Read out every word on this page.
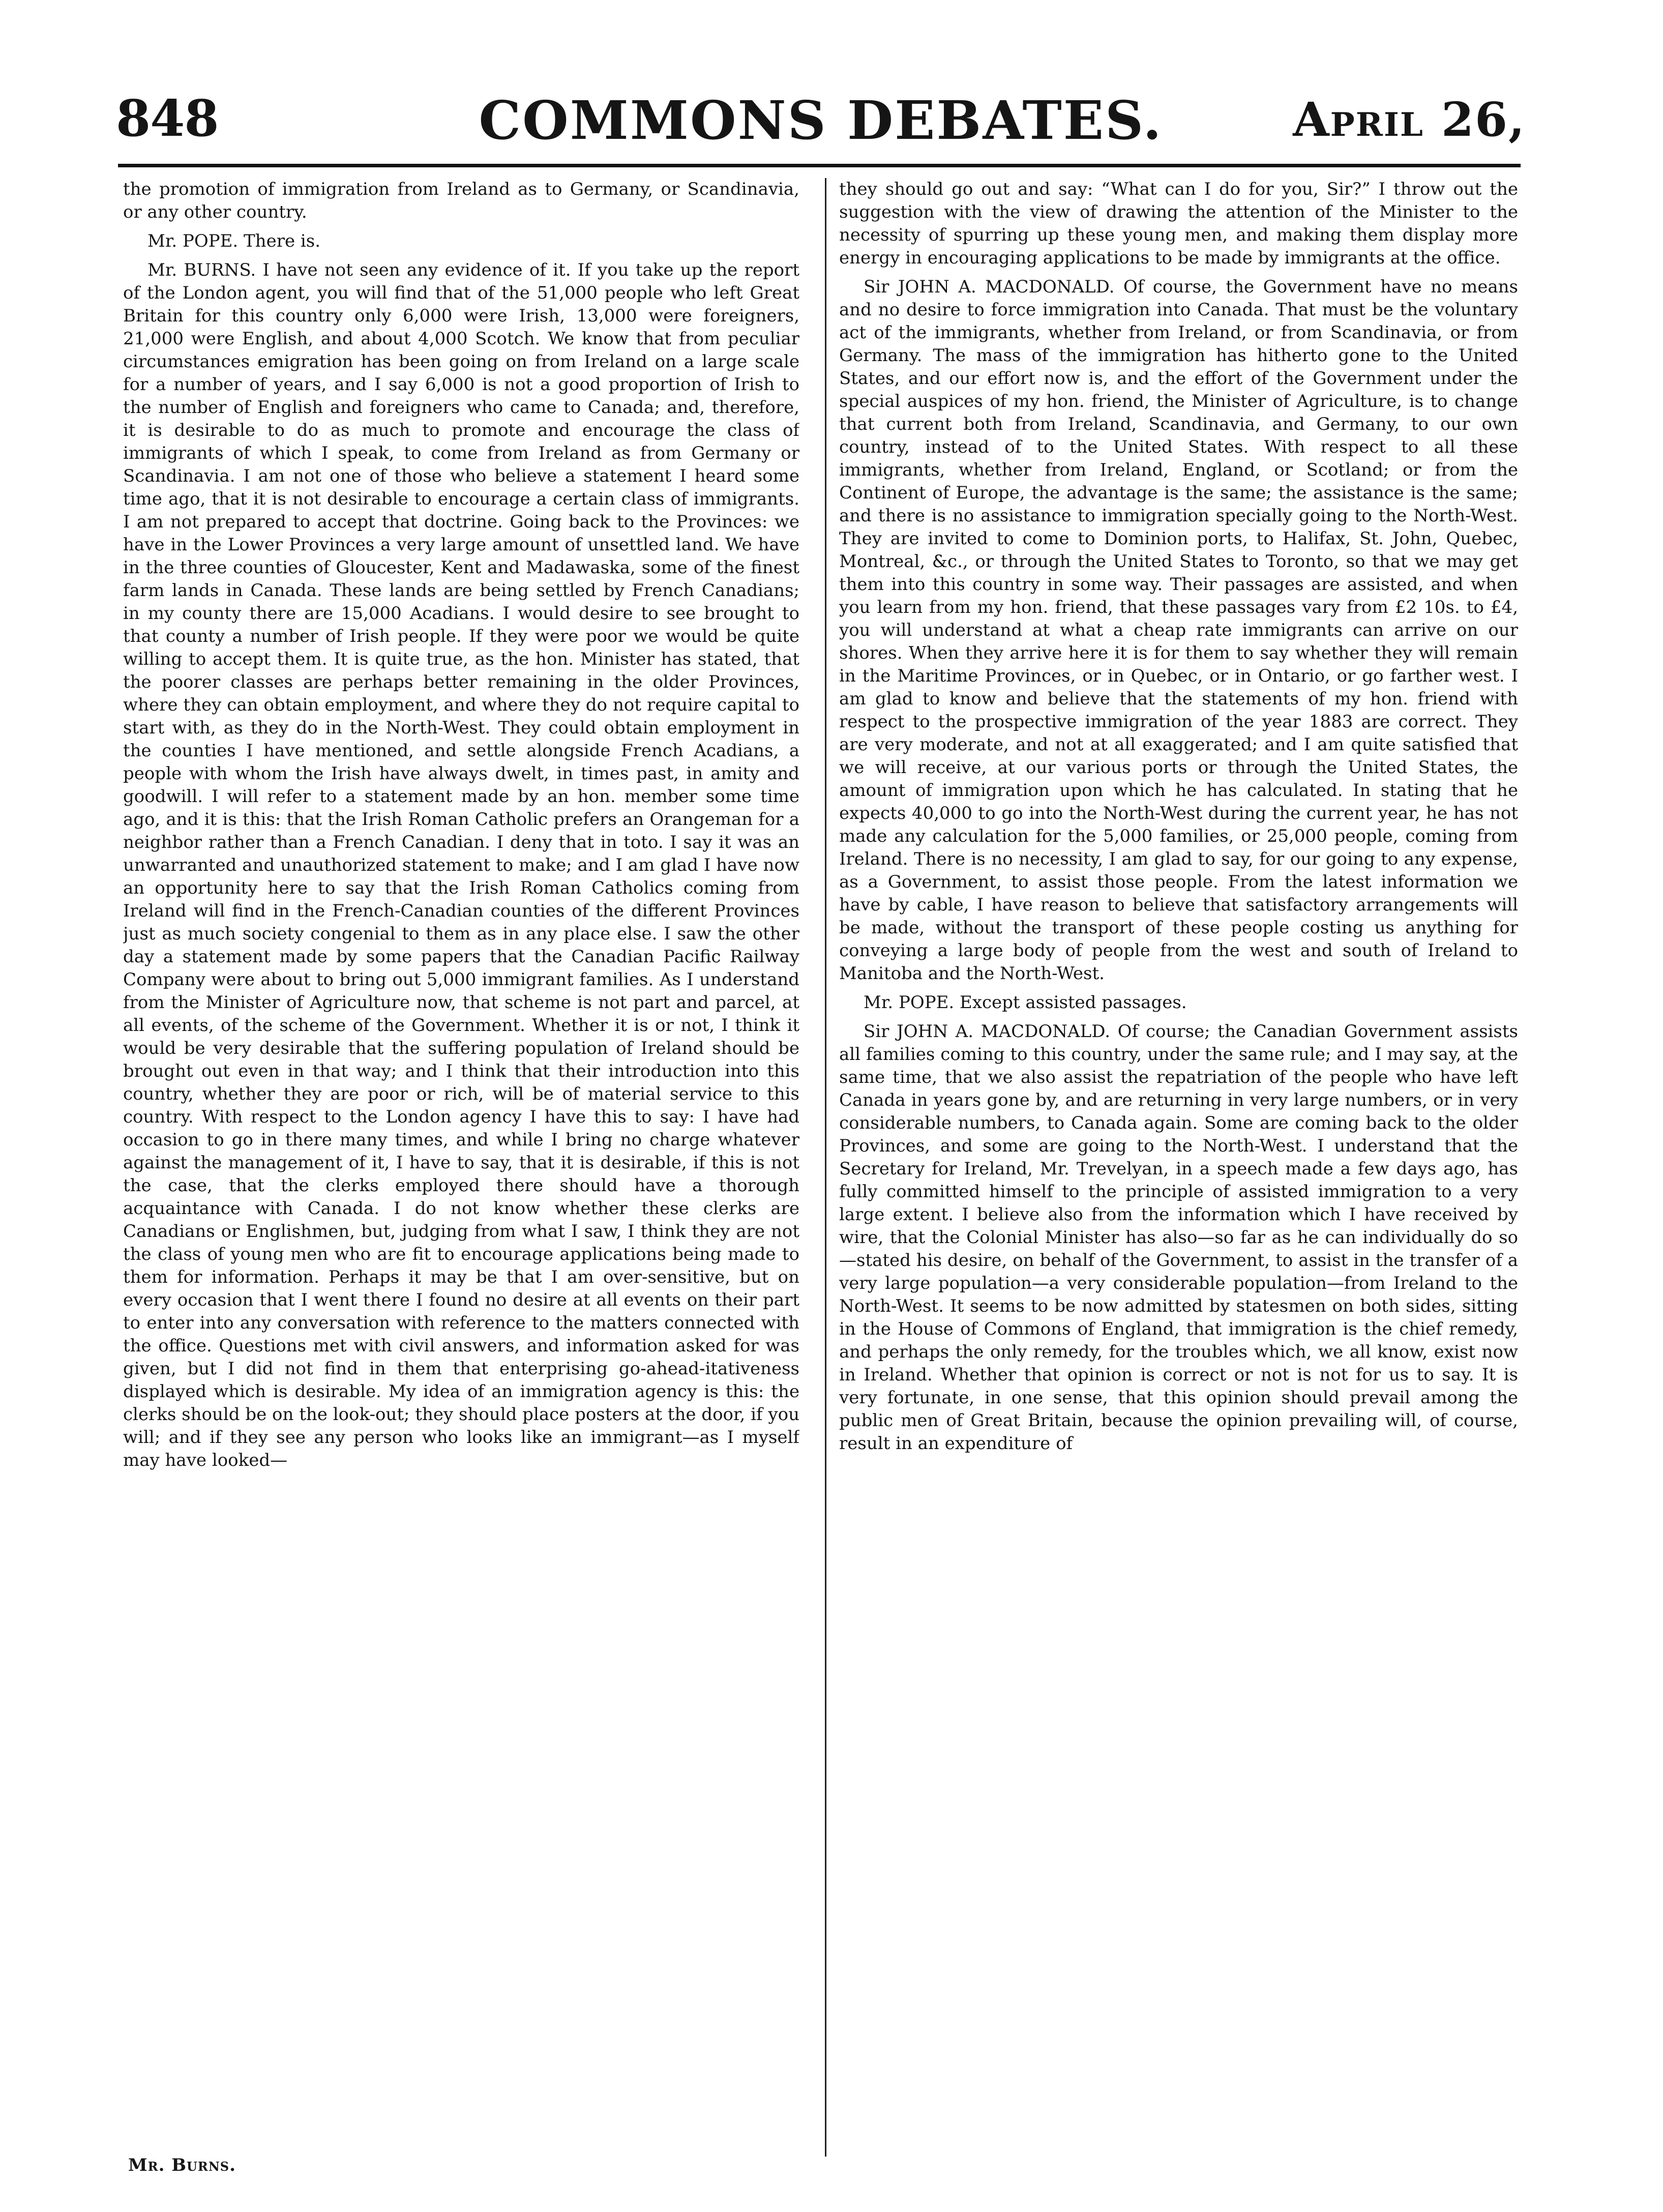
848	COMMONS DEBATES.	April 26,

the promotion of immigration from Ireland as to Germany, or Scandinavia, or any other country.

Mr. POPE. There is.

Mr. BURNS. I have not seen any evidence of it. If you take up the report of the London agent, you will find that of the 51,000 people who left Great Britain for this country only 6,000 were Irish, 13,000 were foreigners, 21,000 were English, and about 4,000 Scotch. We know that from peculiar circumstances emigration has been going on from Ireland on a large scale for a number of years, and I say 6,000 is not a good proportion of Irish to the number of English and foreigners who came to Canada; and, therefore, it is desirable to do as much to promote and encourage the class of immigrants of which I speak, to come from Ireland as from Germany or Scandinavia. I am not one of those who believe a statement I heard some time ago, that it is not desirable to encourage a certain class of immigrants. I am not prepared to accept that doctrine. Going back to the Provinces: we have in the Lower Provinces a very large amount of unsettled land. We have in the three counties of Gloucester, Kent and Madawaska, some of the finest farm lands in Canada. These lands are being settled by French Canadians; in my county there are 15,000 Acadians. I would desire to see brought to that county a number of Irish people. If they were poor we would be quite willing to accept them. It is quite true, as the hon. Minister has stated, that the poorer classes are perhaps better remaining in the older Provinces, where they can obtain employment, and where they do not require capital to start with, as they do in the North-West. They could obtain employment in the counties I have mentioned, and settle alongside French Acadians, a people with whom the Irish have always dwelt, in times past, in amity and goodwill. I will refer to a statement made by an hon. member some time ago, and it is this: that the Irish Roman Catholic prefers an Orangeman for a neighbor rather than a French Canadian. I deny that in toto. I say it was an unwarranted and unauthorized statement to make; and I am glad I have now an opportunity here to say that the Irish Roman Catholics coming from Ireland will find in the French-Canadian counties of the different Provinces just as much society congenial to them as in any place else. I saw the other day a statement made by some papers that the Canadian Pacific Railway Company were about to bring out 5,000 immigrant families. As I understand from the Minister of Agriculture now, that scheme is not part and parcel, at all events, of the scheme of the Government. Whether it is or not, I think it would be very desirable that the suffering population of Ireland should be brought out even in that way; and I think that their introduction into this country, whether they are poor or rich, will be of material service to this country. With respect to the London agency I have this to say: I have had occasion to go in there many times, and while I bring no charge whatever against the management of it, I have to say, that it is desirable, if this is not the case, that the clerks employed there should have a thorough acquaintance with Canada. I do not know whether these clerks are Canadians or Englishmen, but, judging from what I saw, I think they are not the class of young men who are fit to encourage applications being made to them for information. Perhaps it may be that I am over-sensitive, but on every occasion that I went there I found no desire at all events on their part to enter into any conversation with reference to the matters connected with the office. Questions met with civil answers, and information asked for was given, but I did not find in them that enterprising go-ahead-itativeness displayed which is desirable. My idea of an immigration agency is this: the clerks should be on the look-out; they should place posters at the door, if you will; and if they see any person who looks like an immigrant—as I myself may have looked—

they should go out and say: “What can I do for you, Sir?” I throw out the suggestion with the view of drawing the attention of the Minister to the necessity of spurring up these young men, and making them display more energy in encouraging applications to be made by immigrants at the office.

Sir JOHN A. MACDONALD. Of course, the Government have no means and no desire to force immigration into Canada. That must be the voluntary act of the immigrants, whether from Ireland, or from Scandinavia, or from Germany. The mass of the immigration has hitherto gone to the United States, and our effort now is, and the effort of the Government under the special auspices of my hon. friend, the Minister of Agriculture, is to change that current both from Ireland, Scandinavia, and Germany, to our own country, instead of to the United States. With respect to all these immigrants, whether from Ireland, England, or Scotland; or from the Continent of Europe, the advantage is the same; the assistance is the same; and there is no assistance to immigration specially going to the North-West. They are invited to come to Dominion ports, to Halifax, St. John, Quebec, Montreal, &c., or through the United States to Toronto, so that we may get them into this country in some way. Their passages are assisted, and when you learn from my hon. friend, that these passages vary from £2 10s. to £4, you will understand at what a cheap rate immigrants can arrive on our shores. When they arrive here it is for them to say whether they will remain in the Maritime Provinces, or in Quebec, or in Ontario, or go farther west. I am glad to know and believe that the statements of my hon. friend with respect to the prospective immigration of the year 1883 are correct. They are very moderate, and not at all exaggerated; and I am quite satisfied that we will receive, at our various ports or through the United States, the amount of immigration upon which he has calculated. In stating that he expects 40,000 to go into the North-West during the current year, he has not made any calculation for the 5,000 families, or 25,000 people, coming from Ireland. There is no necessity, I am glad to say, for our going to any expense, as a Government, to assist those people. From the latest information we have by cable, I have reason to believe that satisfactory arrangements will be made, without the transport of these people costing us anything for conveying a large body of people from the west and south of Ireland to Manitoba and the North-West.

Mr. POPE. Except assisted passages.

Sir JOHN A. MACDONALD. Of course; the Canadian Government assists all families coming to this country, under the same rule; and I may say, at the same time, that we also assist the repatriation of the people who have left Canada in years gone by, and are returning in very large numbers, or in very considerable numbers, to Canada again. Some are coming back to the older Provinces, and some are going to the North-West. I understand that the Secretary for Ireland, Mr. Trevelyan, in a speech made a few days ago, has fully committed himself to the principle of assisted immigration to a very large extent. I believe also from the information which I have received by wire, that the Colonial Minister has also—so far as he can individually do so—stated his desire, on behalf of the Government, to assist in the transfer of a very large population—a very considerable population—from Ireland to the North-West. It seems to be now admitted by statesmen on both sides, sitting in the House of Commons of England, that immigration is the chief remedy, and perhaps the only remedy, for the troubles which, we all know, exist now in Ireland. Whether that opinion is correct or not is not for us to say. It is very fortunate, in one sense, that this opinion should prevail among the public men of Great Britain, because the opinion prevailing will, of course, result in an expenditure of

Mr. Burns.
